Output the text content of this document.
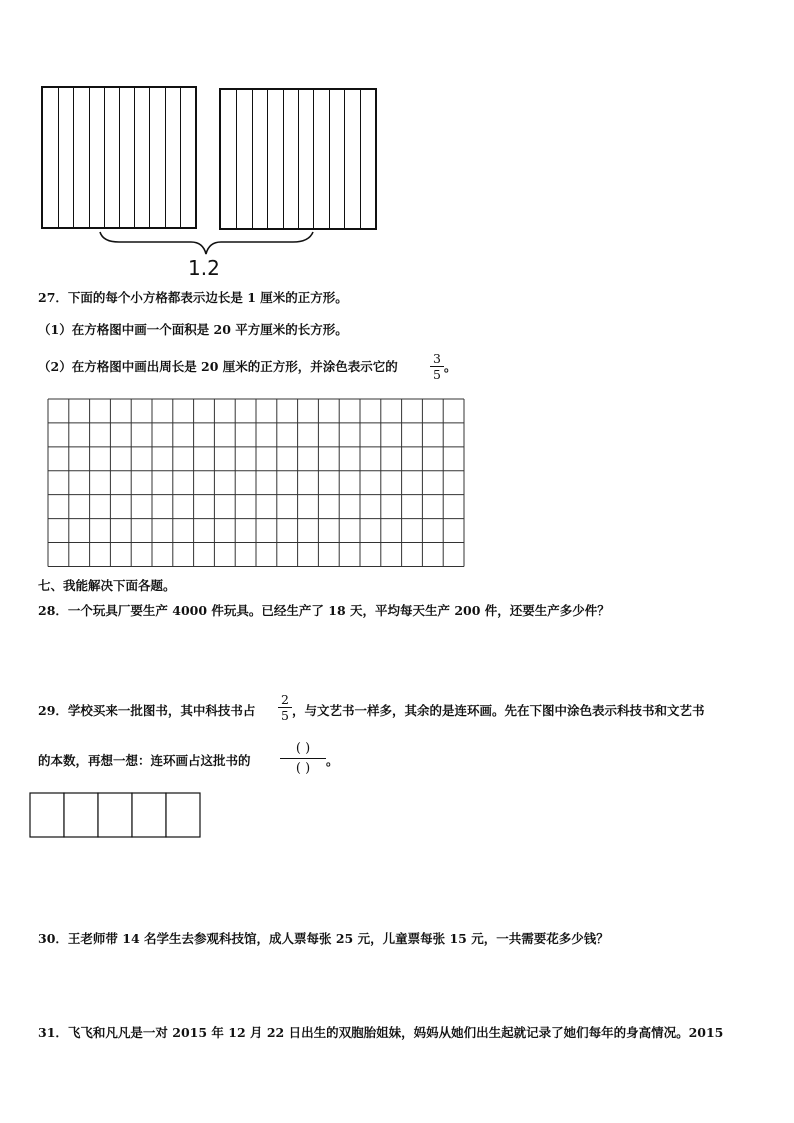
1.2
27．下面的每个小方格都表示边长是 1 厘米的正方形。
（1）在方格图中画一个面积是 20 平方厘米的长方形。
（2）在方格图中画出周长是 20 厘米的正方形，并涂色表示它的
3
5
。
七、我能解决下面各题。
28．一个玩具厂要生产 4000 件玩具。已经生产了 18 天，平均每天生产 200 件，还要生产多少件？
29．学校买来一批图书，其中科技书占
2
5 ，与文艺书一样多，其余的是连环画。先在下图中涂色表示科技书和文艺书
的本数，再想一想：连环画占这批书的
( )
( )
。
30．王老师带 14 名学生去参观科技馆，成人票每张 25 元，儿童票每张 15 元，一共需要花多少钱？
31．飞飞和凡凡是一对 2015 年 12 月 22 日出生的双胞胎姐妹，妈妈从她们出生起就记录了她们每年的身高情况。2015
